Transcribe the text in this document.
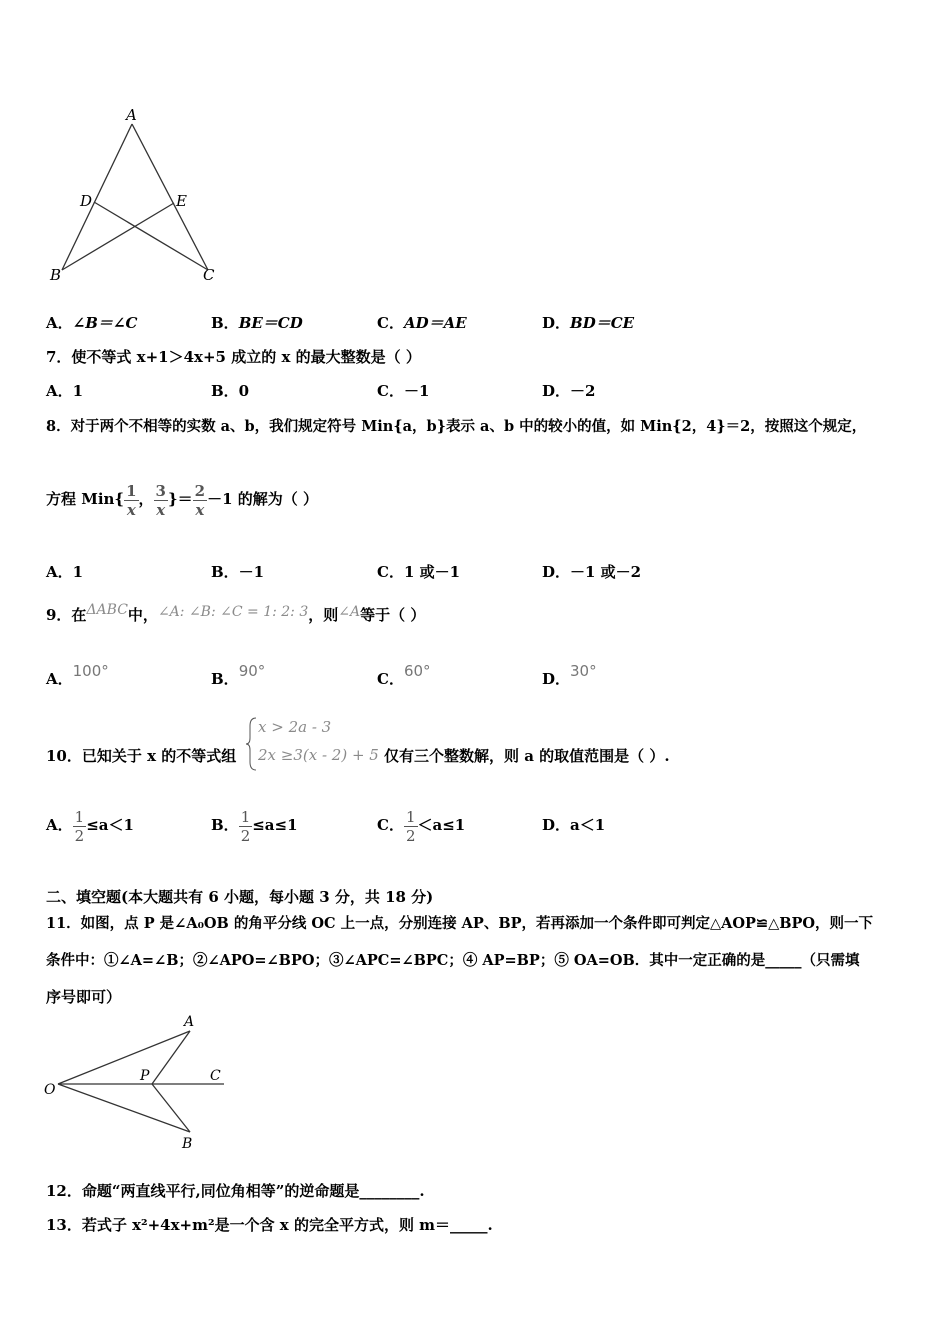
A
D	E
B	C
A．∠B＝∠C	B．BE＝CD	C．AD＝AE	D．BD＝CE
7．使不等式 x+1＞4x+5 成立的 x 的最大整数是（ ）
A．1	B．0	C．－1	D．－2
8．对于两个不相等的实数 a、b，我们规定符号 Min{a，b}表示 a、b 中的较小的值，如 Min{2，4}＝2，按照这个规定，
方程 $Min\{ \frac{1}{x}$ ， $\frac{3}{x}$ }＝ $\frac{2}{x} -1$ 的解为（ ）
A．1	B．－1	C．1 或－1	D．－1 或－2
9．在ΔABC中，∠A: ∠B: ∠C = 1: 2: 3，则∠A等于（ ）
A．100°	B．90°	C．60°	D．30°
10．已知关于 x 的不等式组
x > 2a - 3
2x ≥3(x - 2) + 5 仅有三个整数解，则 a 的取值范围是（ ）.
A． $\frac{1}{2} \le a<1$	B． $\frac{1}{2} \le a\le 1$	C． $\frac{1}{2} <a\le 1$	D．a＜1
二、填空题(本大题共有 6 小题，每小题 3 分，共 18 分)
11．如图，点 P 是∠A₀OB 的角平分线 OC 上一点，分别连接 AP、BP，若再添加一个条件即可判定△AOP≌△BPO，则一下
条件中：①∠A=∠B；②∠APO=∠BPO；③∠APC=∠BPC；④ AP=BP；⑤ OA=OB．其中一定正确的是_____（只需填
序号即可）
A
O
P	C
B
12．命题“两直线平行,同位角相等”的逆命题是________.
13．若式子 x²+4x+m²是一个含 x 的完全平方式，则 m＝_____.
